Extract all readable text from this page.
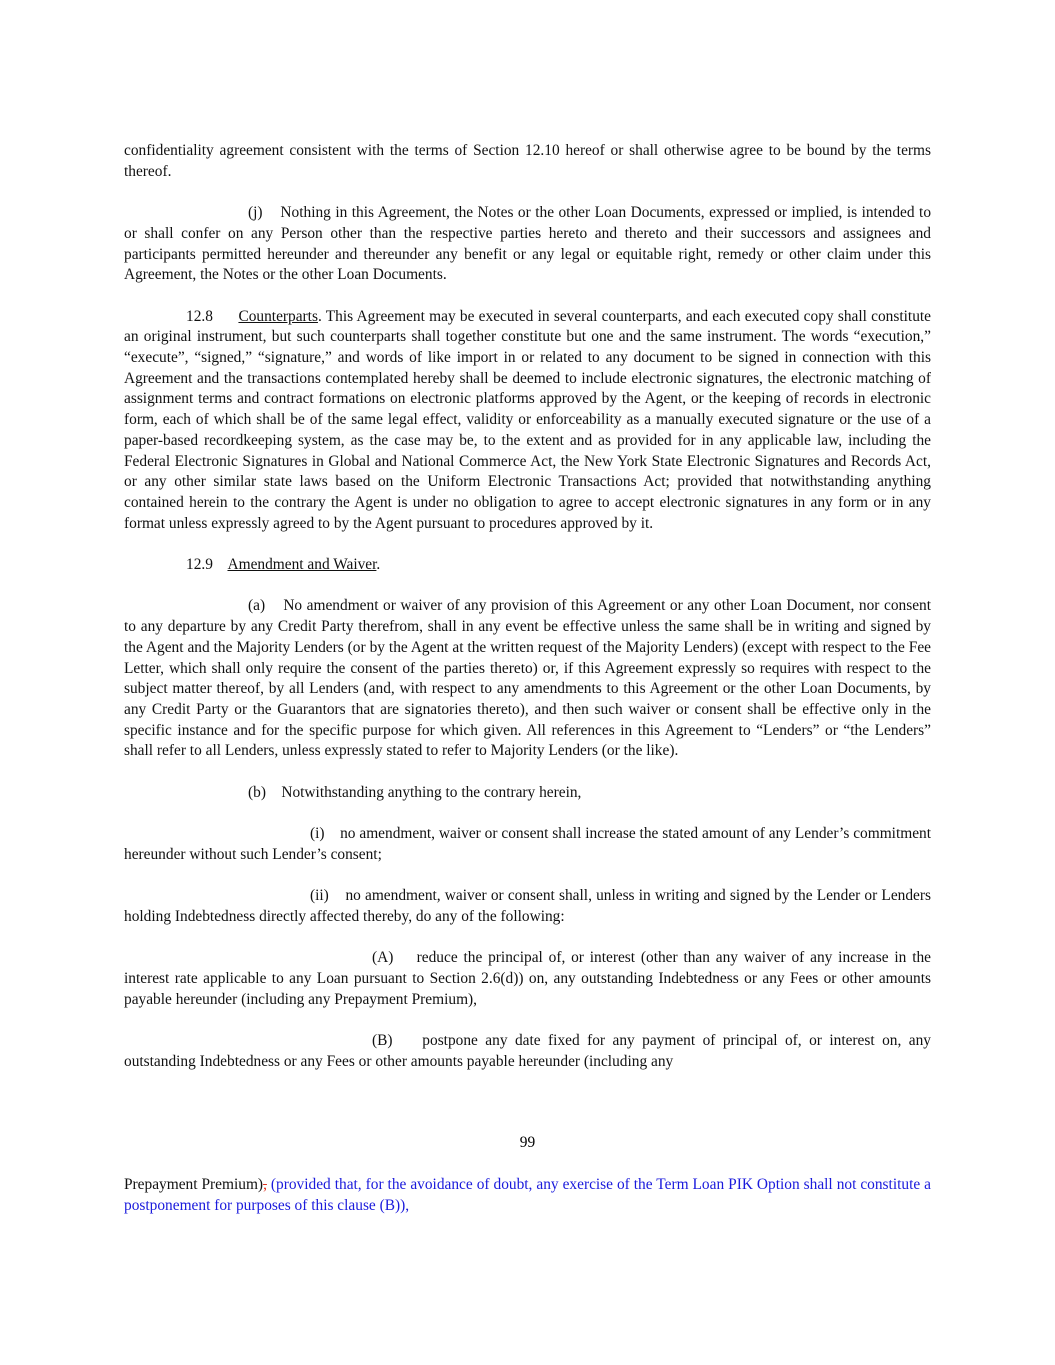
confidentiality agreement consistent with the terms of Section 12.10 hereof or shall otherwise agree to be bound by the terms thereof.

(j) Nothing in this Agreement, the Notes or the other Loan Documents, expressed or implied, is intended to or shall confer on any Person other than the respective parties hereto and thereto and their successors and assignees and participants permitted hereunder and thereunder any benefit or any legal or equitable right, remedy or other claim under this Agreement, the Notes or the other Loan Documents.

12.8 Counterparts. This Agreement may be executed in several counterparts, and each executed copy shall constitute an original instrument, but such counterparts shall together constitute but one and the same instrument. The words “execution,” “execute”, “signed,” “signature,” and words of like import in or related to any document to be signed in connection with this Agreement and the transactions contemplated hereby shall be deemed to include electronic signatures, the electronic matching of assignment terms and contract formations on electronic platforms approved by the Agent, or the keeping of records in electronic form, each of which shall be of the same legal effect, validity or enforceability as a manually executed signature or the use of a paper-based recordkeeping system, as the case may be, to the extent and as provided for in any applicable law, including the Federal Electronic Signatures in Global and National Commerce Act, the New York State Electronic Signatures and Records Act, or any other similar state laws based on the Uniform Electronic Transactions Act; provided that notwithstanding anything contained herein to the contrary the Agent is under no obligation to agree to accept electronic signatures in any form or in any format unless expressly agreed to by the Agent pursuant to procedures approved by it.

12.9 Amendment and Waiver.

(a) No amendment or waiver of any provision of this Agreement or any other Loan Document, nor consent to any departure by any Credit Party therefrom, shall in any event be effective unless the same shall be in writing and signed by the Agent and the Majority Lenders (or by the Agent at the written request of the Majority Lenders) (except with respect to the Fee Letter, which shall only require the consent of the parties thereto) or, if this Agreement expressly so requires with respect to the subject matter thereof, by all Lenders (and, with respect to any amendments to this Agreement or the other Loan Documents, by any Credit Party or the Guarantors that are signatories thereto), and then such waiver or consent shall be effective only in the specific instance and for the specific purpose for which given. All references in this Agreement to “Lenders” or “the Lenders” shall refer to all Lenders, unless expressly stated to refer to Majority Lenders (or the like).

(b) Notwithstanding anything to the contrary herein,

(i) no amendment, waiver or consent shall increase the stated amount of any Lender’s commitment hereunder without such Lender’s consent;

(ii) no amendment, waiver or consent shall, unless in writing and signed by the Lender or Lenders holding Indebtedness directly affected thereby, do any of the following:

(A) reduce the principal of, or interest (other than any waiver of any increase in the interest rate applicable to any Loan pursuant to Section 2.6(d)) on, any outstanding Indebtedness or any Fees or other amounts payable hereunder (including any Prepayment Premium),

(B) postpone any date fixed for any payment of principal of, or interest on, any outstanding Indebtedness or any Fees or other amounts payable hereunder (including any

99
Prepayment Premium), (provided that, for the avoidance of doubt, any exercise of the Term Loan PIK Option shall not constitute a postponement for purposes of this clause (B)),
